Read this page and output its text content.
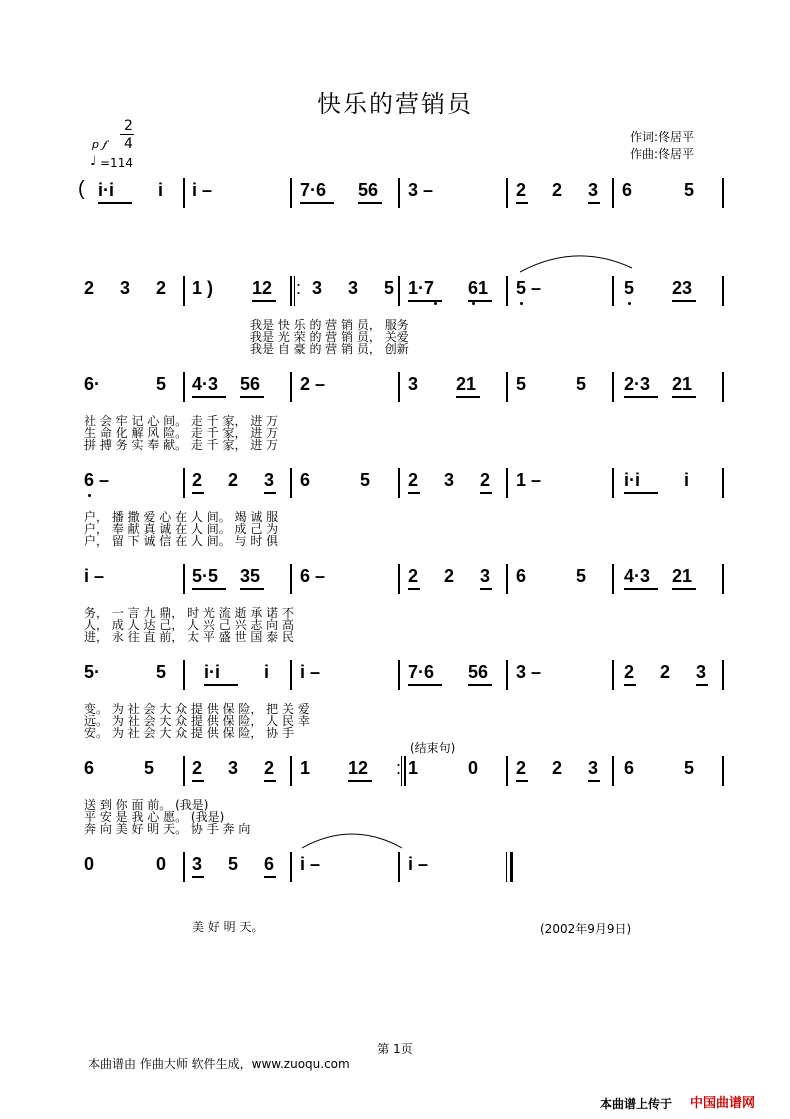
快乐的营销员
作词:佟居平
作曲:佟居平
2
p 𝆑 4
♩ =114
( i·i i i –	7·6 56 3 –	2 2 3 6	5
2 3 2 1 ) 12 : 3 3 5 1·7 61 5 –	5 23
我是 快 乐 的 营 销 员， 服务
我是 光 荣 的 营 销 员， 关爱
我是 自 豪 的 营 销 员， 创新
6·	5 4·3 56 2 –	3 21 5	5 2·3 21
社 会 牢 记 心 间。 走 千 家， 进 万
生 命 化 解 风 险。 走 千 家， 进 万
拼 搏 务 实 奉 献。 走 千 家， 进 万
6 –	2 2 3 6	5 2 3 2 1 –	i·i i
户， 播 撒 爱 心 在 人 间。 竭 诚 服
户， 奉 献 真 诚 在 人 间。 成 己 为
户， 留 下 诚 信 在 人 间。 与 时 俱
i –	5·5 35 6 –	2 2 3 6	5 4·3 21
务， 一 言 九 鼎， 时 光 流 逝 承 诺 不
人， 成 人 达 己， 人 兴 己 兴 志 向 高
进， 永 往 直 前， 太 平 盛 世 国 泰 民
5·	5 i·i i i –	7·6 56 3 –	2 2 3
变。 为 社 会 大 众 提 供 保 险， 把 关 爱
远。 为 社 会 大 众 提 供 保 险， 人 民 幸
安。 为 社 会 大 众 提 供 保 险， 协 手
(结束句)
6	5 2 3 2 1 12 : 1	0 2 2 3 6	5
送 到 你 面 前。 (我是)
平 安 是 我 心 愿。 (我是)
奔 向 美 好 明 天。 协 手 奔 向
0	0 3 5 6 i –	i –
美 好 明 天。	(2002年9月9日)
第 1页
本曲谱由 作曲大师 软件生成，www.zuoqu.com
本曲谱上传于 中国曲谱网
